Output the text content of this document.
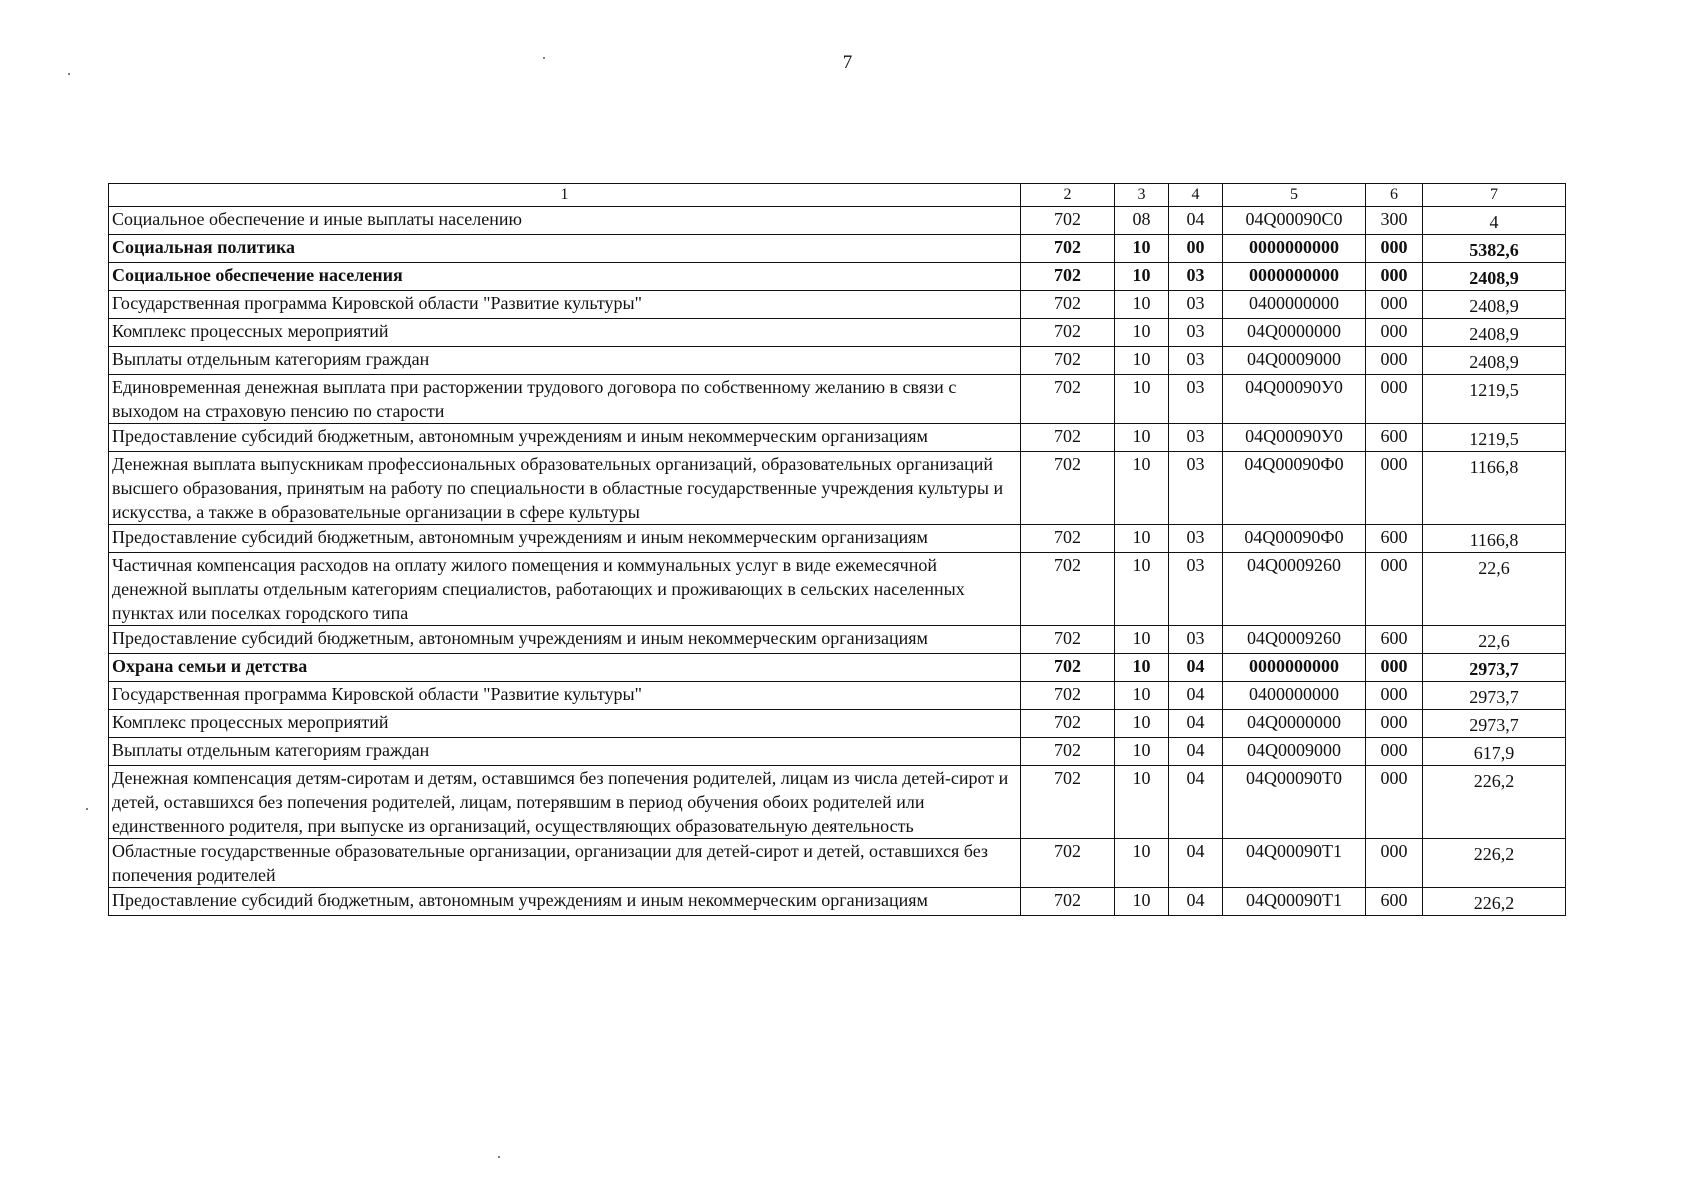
7
1	2	3	4	5	6	7
Социальное обеспечение и иные выплаты населению	702	08	04	04Q00090C0	300	4
Социальная политика	702	10	00	0000000000	000	5382,6
Социальное обеспечение населения	702	10	03	0000000000	000	2408,9
Государственная программа Кировской области "Развитие культуры"	702	10	03	0400000000	000	2408,9
Комплекс процессных мероприятий	702	10	03	04Q0000000	000	2408,9
Выплаты отдельным категориям граждан	702	10	03	04Q0009000	000	2408,9
Единовременная денежная выплата при расторжении трудового договора по собственному желанию в связи с выходом на страховую пенсию по старости	702	10	03	04Q00090У0	000	1219,5
Предоставление субсидий бюджетным, автономным учреждениям и иным некоммерческим организациям	702	10	03	04Q00090У0	600	1219,5
Денежная выплата выпускникам профессиональных образовательных организаций, образовательных организаций высшего образования, принятым на работу по специальности в областные государственные учреждения культуры и искусства, а также в образовательные организации в сфере культуры	702	10	03	04Q00090Ф0	000	1166,8
Предоставление субсидий бюджетным, автономным учреждениям и иным некоммерческим организациям	702	10	03	04Q00090Ф0	600	1166,8
Частичная компенсация расходов на оплату жилого помещения и коммунальных услуг в виде ежемесячной денежной выплаты отдельным категориям специалистов, работающих и проживающих в сельских населенных пунктах или поселках городского типа	702	10	03	04Q0009260	000	22,6
Предоставление субсидий бюджетным, автономным учреждениям и иным некоммерческим организациям	702	10	03	04Q0009260	600	22,6
Охрана семьи и детства	702	10	04	0000000000	000	2973,7
Государственная программа Кировской области "Развитие культуры"	702	10	04	0400000000	000	2973,7
Комплекс процессных мероприятий	702	10	04	04Q0000000	000	2973,7
Выплаты отдельным категориям граждан	702	10	04	04Q0009000	000	617,9
Денежная компенсация детям-сиротам и детям, оставшимся без попечения родителей, лицам из числа детей-сирот и детей, оставшихся без попечения родителей, лицам, потерявшим в период обучения обоих родителей или единственного родителя, при выпуске из организаций, осуществляющих образовательную деятельность	702	10	04	04Q00090T0	000	226,2
Областные государственные образовательные организации, организации для детей-сирот и детей, оставшихся без попечения родителей	702	10	04	04Q00090T1	000	226,2
Предоставление субсидий бюджетным, автономным учреждениям и иным некоммерческим организациям	702	10	04	04Q00090T1	600	226,2
